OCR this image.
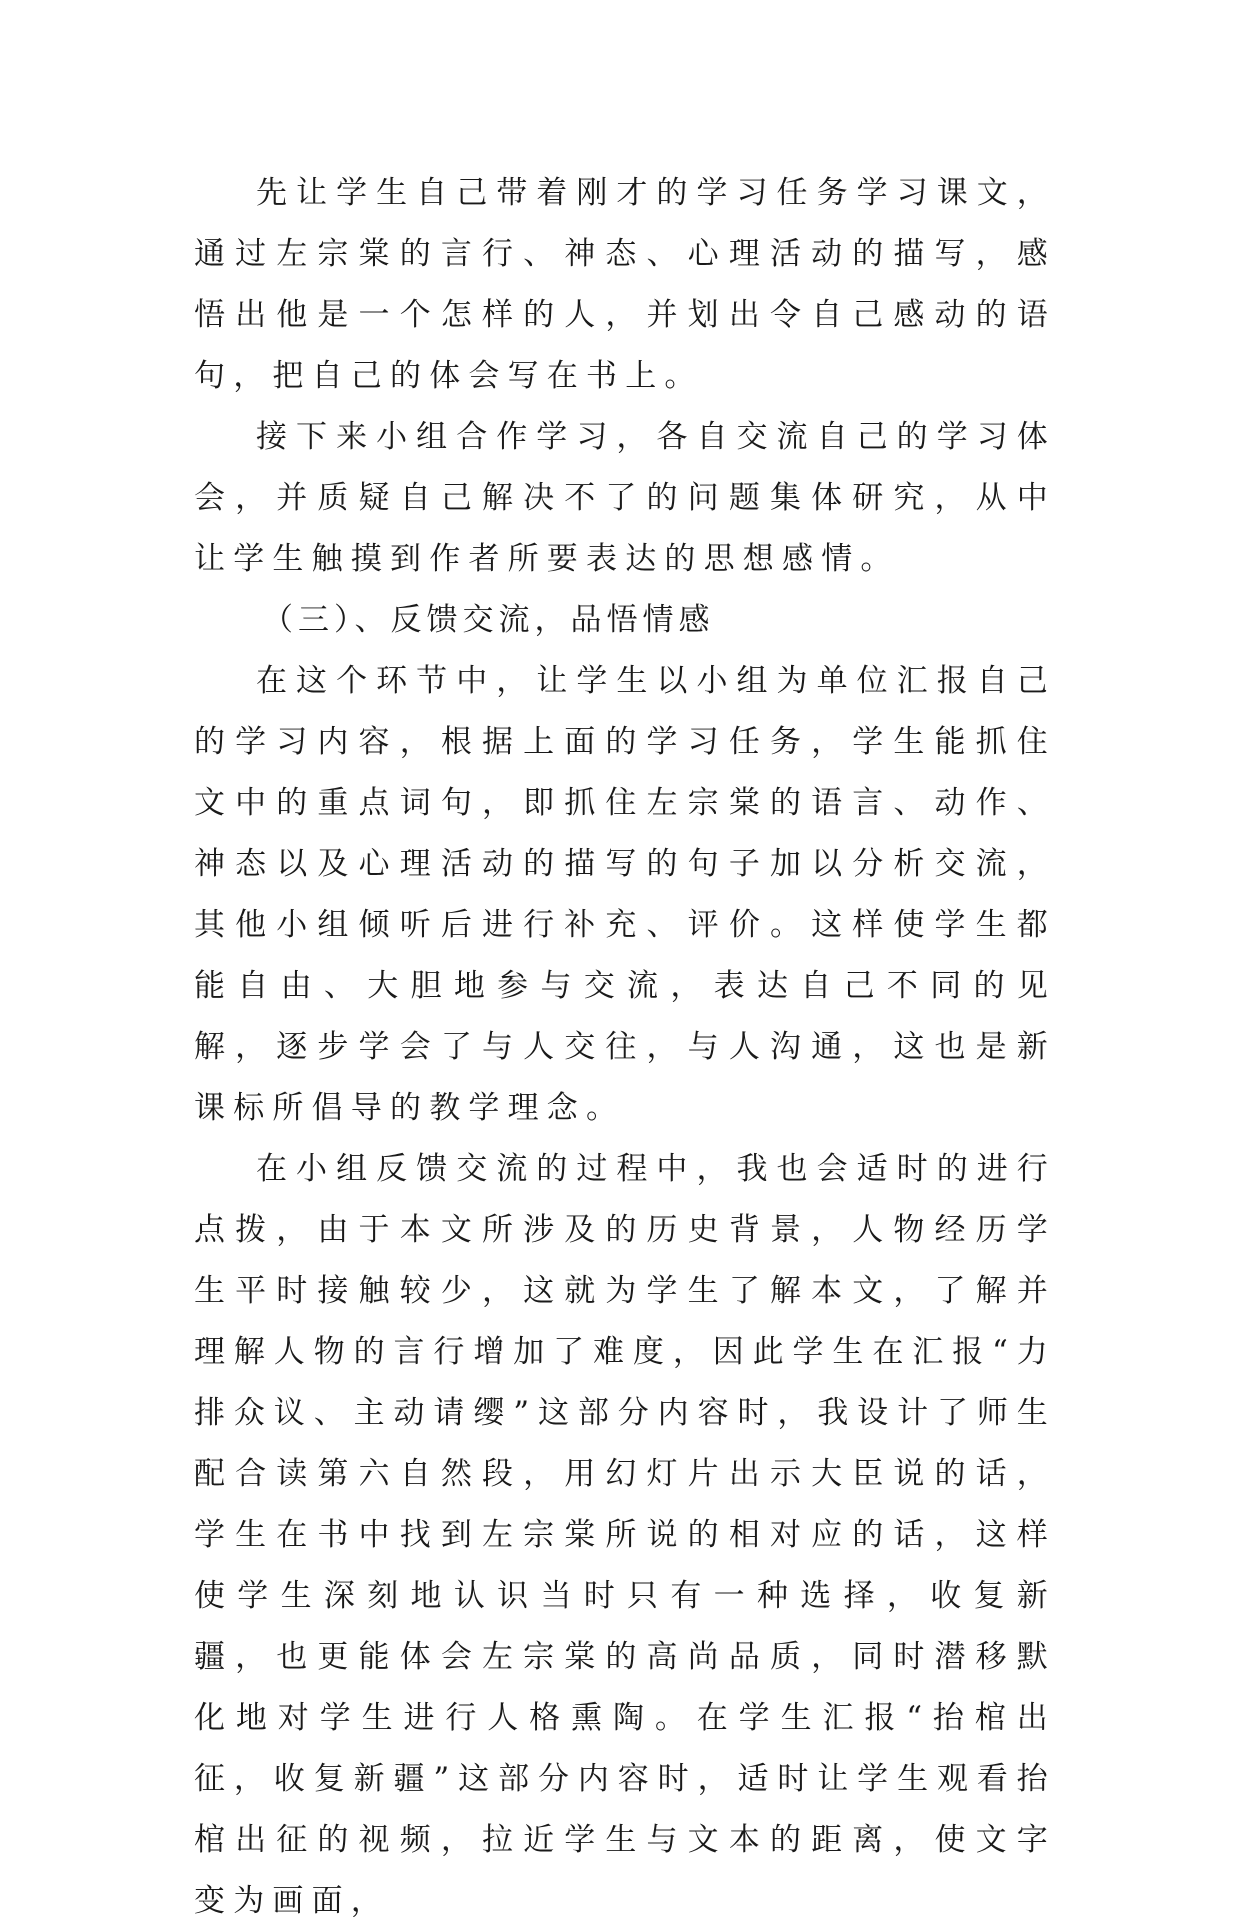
先让学生自己带着刚才的学习任务学习课文，通过左宗棠的言行、神态、心理活动的描写，感悟出他是一个怎样的人，并划出令自己感动的语句，把自己的体会写在书上。

接下来小组合作学习，各自交流自己的学习体会，并质疑自己解决不了的问题集体研究，从中让学生触摸到作者所要表达的思想感情。

（三）、反馈交流，品悟情感

在这个环节中，让学生以小组为单位汇报自己的学习内容，根据上面的学习任务，学生能抓住文中的重点词句，即抓住左宗棠的语言、动作、神态以及心理活动的描写的句子加以分析交流，其他小组倾听后进行补充、评价。这样使学生都能自由、大胆地参与交流，表达自己不同的见解，逐步学会了与人交往，与人沟通，这也是新课标所倡导的教学理念。

在小组反馈交流的过程中，我也会适时的进行点拨，由于本文所涉及的历史背景，人物经历学生平时接触较少，这就为学生了解本文，了解并理解人物的言行增加了难度，因此学生在汇报“力排众议、主动请缨”这部分内容时，我设计了师生配合读第六自然段，用幻灯片出示大臣说的话，学生在书中找到左宗棠所说的相对应的话，这样使学生深刻地认识当时只有一种选择，收复新疆，也更能体会左宗棠的高尚品质，同时潜移默化地对学生进行人格熏陶。在学生汇报“抬棺出征，收复新疆”这部分内容时，适时让学生观看抬棺出征的视频，拉近学生与文本的距离，使文字变为画面，
